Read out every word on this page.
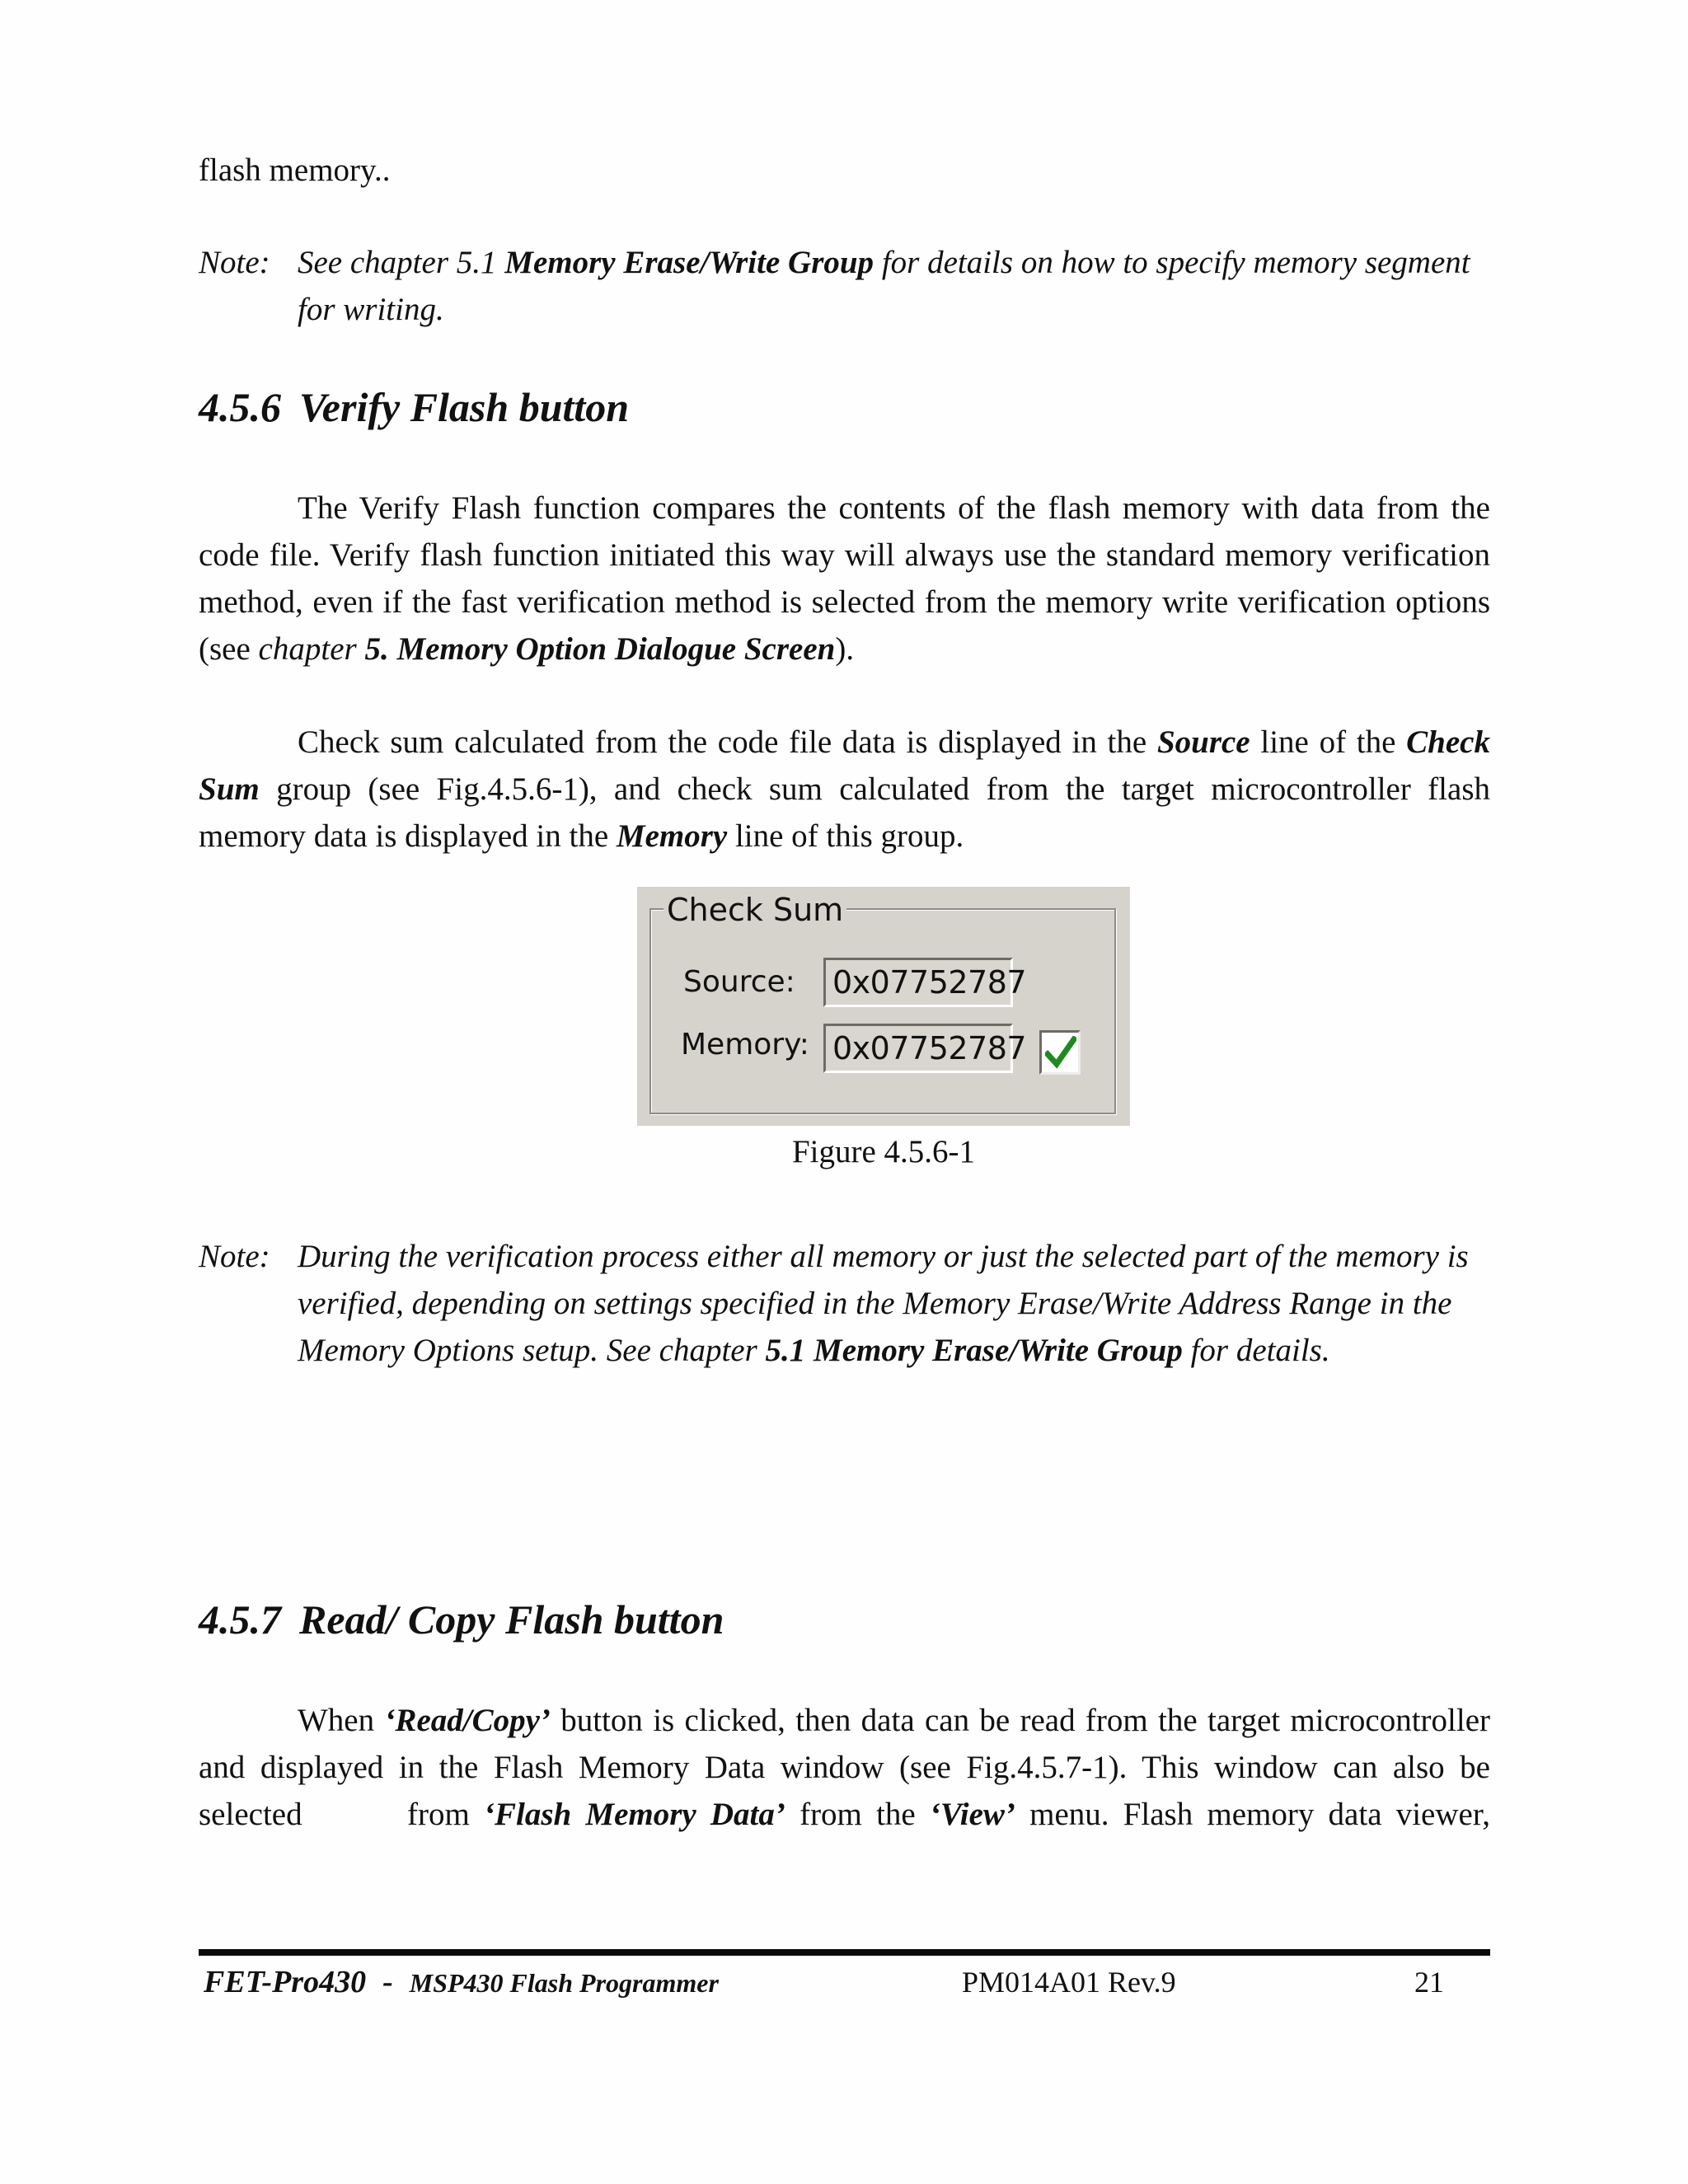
flash memory..
Note: See chapter 5.1 Memory Erase/Write Group for details on how to specify memory segment for writing.
4.5.6 Verify Flash button
The Verify Flash function compares the contents of the flash memory with data from the code file. Verify flash function initiated this way will always use the standard memory verification method, even if the fast verification method is selected from the memory write verification options (see chapter 5. Memory Option Dialogue Screen).
Check sum calculated from the code file data is displayed in the Source line of the Check Sum group (see Fig.4.5.6-1), and check sum calculated from the target microcontroller flash memory data is displayed in the Memory line of this group.
Check Sum
Source: 0x07752787
Memory: 0x07752787
Figure 4.5.6-1
Note: During the verification process either all memory or just the selected part of the memory is verified, depending on settings specified in the Memory Erase/Write Address Range in the Memory Options setup. See chapter 5.1 Memory Erase/Write Group for details.
4.5.7 Read/ Copy Flash button
When ‘Read/Copy’ button is clicked, then data can be read from the target microcontroller and displayed in the Flash Memory Data window (see Fig.4.5.7-1). This window can also be selected	from ‘Flash Memory Data’ from the ‘View’ menu. Flash memory data viewer,
FET-Pro430 - MSP430 Flash Programmer	PM014A01 Rev.9	21
